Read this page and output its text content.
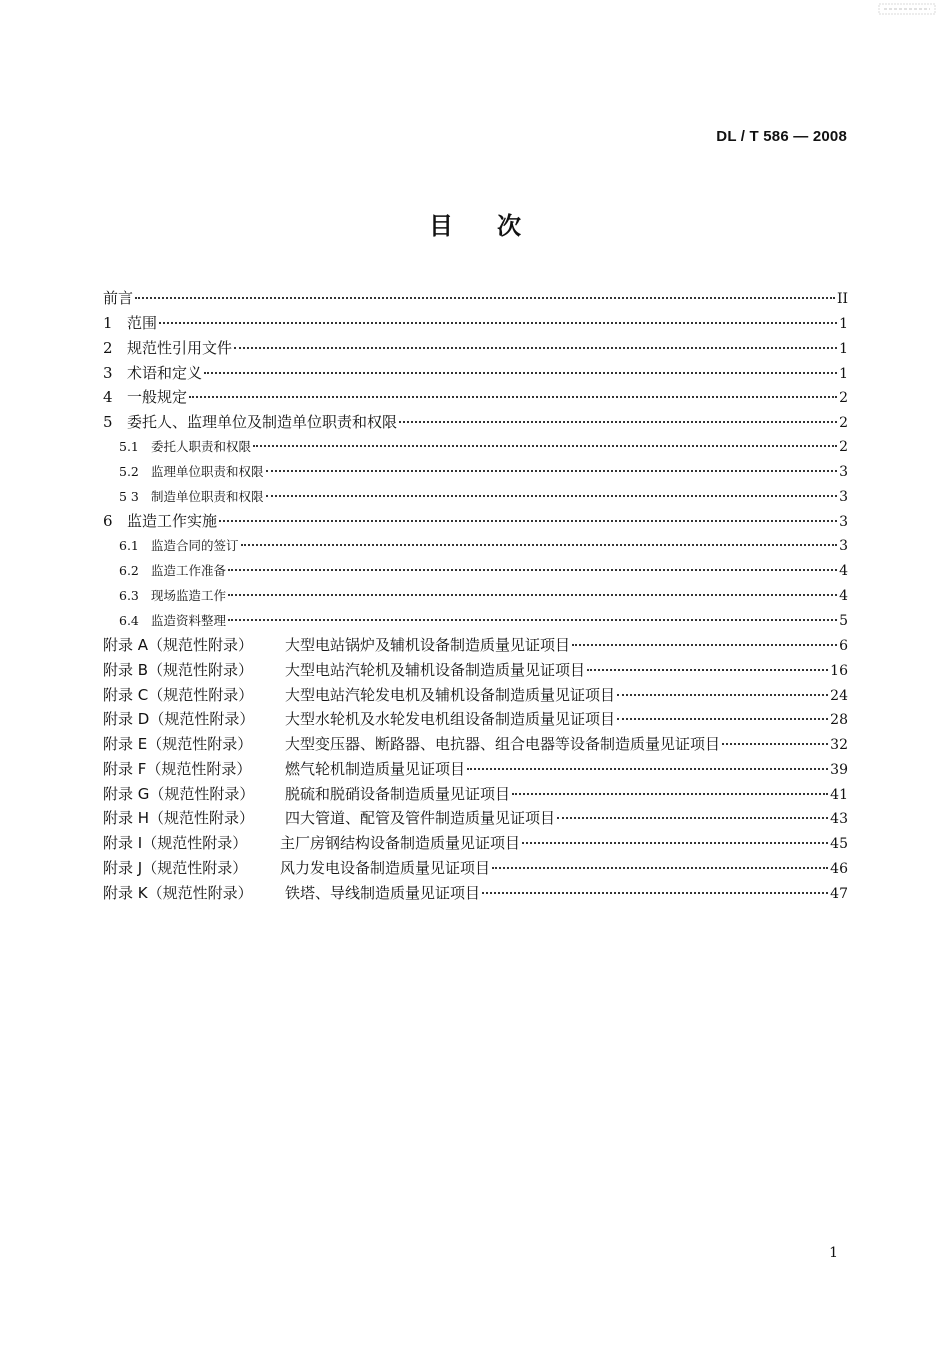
DL / T 586 — 2008
目 次
前言	II
1 范围	1
2 规范性引用文件	1
3 术语和定义	1
4 一般规定	2
5 委托人、监理单位及制造单位职责和权限	2
5.1 委托人职责和权限	2
5.2 监理单位职责和权限	3
5 3 制造单位职责和权限	3
6 监造工作实施	3
6.1 监造合同的签订	3
6.2 监造工作准备	4
6.3 现场监造工作	4
6.4 监造资料整理	5
附录 A（规范性附录） 大型电站锅炉及辅机设备制造质量见证项目	6
附录 B（规范性附录） 大型电站汽轮机及辅机设备制造质量见证项目	16
附录 C（规范性附录） 大型电站汽轮发电机及辅机设备制造质量见证项目	24
附录 D（规范性附录） 大型水轮机及水轮发电机组设备制造质量见证项目	28
附录 E（规范性附录） 大型变压器、断路器、电抗器、组合电器等设备制造质量见证项目	32
附录 F（规范性附录） 燃气轮机制造质量见证项目	39
附录 G（规范性附录） 脱硫和脱硝设备制造质量见证项目	41
附录 H（规范性附录） 四大管道、配管及管件制造质量见证项目	43
附录 I（规范性附录） 主厂房钢结构设备制造质量见证项目	45
附录 J（规范性附录） 风力发电设备制造质量见证项目	46
附录 K（规范性附录） 铁塔、导线制造质量见证项目	47
1
